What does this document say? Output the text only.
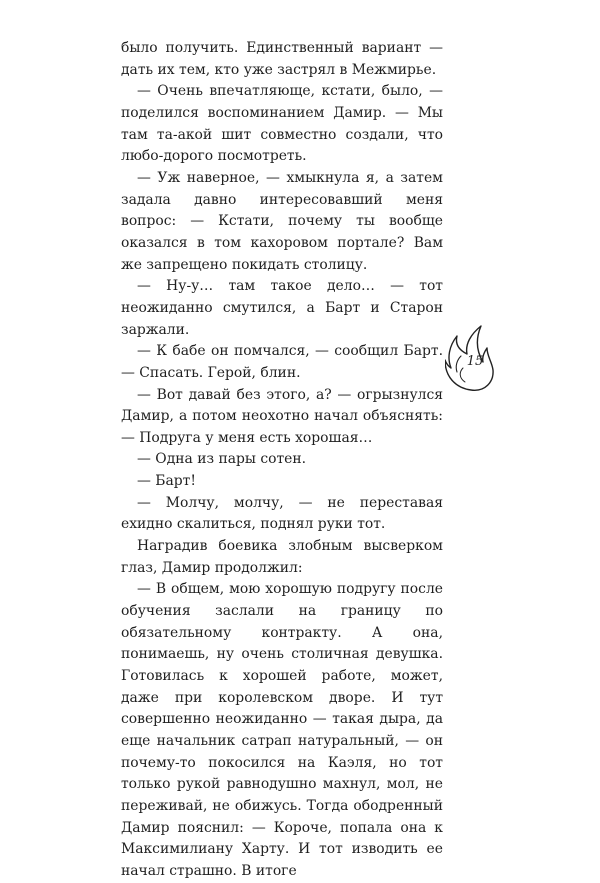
было получить. Единственный вариант — дать их тем, кто уже застрял в Межмирье.

— Очень впечатляюще, кстати, было, — поделился воспоминанием Дамир. — Мы там та-акой шит совместно создали, что любо-дорого посмотреть.

— Уж наверное, — хмыкнула я, а затем задала давно интересовавший меня вопрос: — Кстати, почему ты вообще оказался в том кахоровом портале? Вам же запрещено покидать столицу.

— Ну-у… там такое дело… — тот неожиданно смутился, а Барт и Старон заржали.

— К бабе он помчался, — сообщил Барт. — Спасать. Герой, блин.

— Вот давай без этого, а? — огрызнулся Дамир, а потом неохотно начал объяснять: — Подруга у меня есть хорошая…

— Одна из пары сотен.

— Барт!

— Молчу, молчу, — не переставая ехидно скалиться, поднял руки тот.

Наградив боевика злобным высверком глаз, Дамир продолжил:

— В общем, мою хорошую подругу после обучения заслали на границу по обязательному контракту. А она, понимаешь, ну очень столичная девушка. Готовилась к хорошей работе, может, даже при королевском дворе. И тут совершенно неожиданно — такая дыра, да еще начальник сатрап натуральный, — он почему-то покосился на Каэля, но тот только рукой равнодушно махнул, мол, не переживай, не обижусь. Тогда ободренный Дамир пояснил: — Короче, попала она к Максимилиану Харту. И тот изводить ее начал страшно. В итоге

15
